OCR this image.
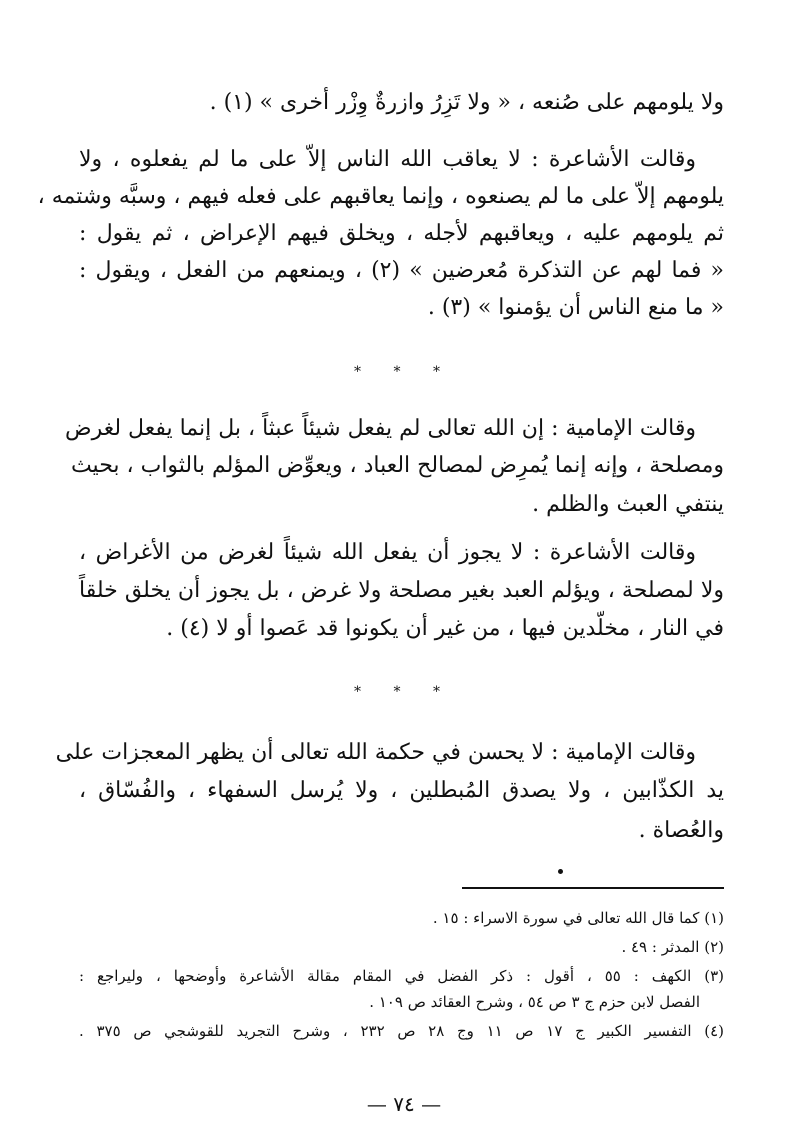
ولا يلومهم على صُنعه ، « ولا تَزِرُ وازرةٌ وِزْر أخرى » (١) .
وقالت الأشاعرة : لا يعاقب الله الناس إلاّ على ما لم يفعلوه ، ولا
يلومهم إلاّ على ما لم يصنعوه ، وإنما يعاقبهم على فعله فيهم ، وسبَّه وشتمه ،
ثم يلومهم عليه ، ويعاقبهم لأجله ، ويخلق فيهم الإعراض ، ثم يقول :
« فما لهم عن التذكرة مُعرضين » (٢) ، ويمنعهم من الفعل ، ويقول :
« ما منع الناس أن يؤمنوا » (٣) .
* * *
وقالت الإمامية : إن الله تعالى لم يفعل شيئاً عبثاً ، بل إنما يفعل لغرض
ومصلحة ، وإنه إنما يُمرِض لمصالح العباد ، ويعوِّض المؤلم بالثواب ، بحيث
ينتفي العبث والظلم .
وقالت الأشاعرة : لا يجوز أن يفعل الله شيئاً لغرض من الأغراض ،
ولا لمصلحة ، ويؤلم العبد بغير مصلحة ولا غرض ، بل يجوز أن يخلق خلقاً
في النار ، مخلّدين فيها ، من غير أن يكونوا قد عَصوا أو لا (٤) .
* * *
وقالت الإمامية : لا يحسن في حكمة الله تعالى أن يظهر المعجزات على
يد الكذّابين ، ولا يصدق المُبطلين ، ولا يُرسل السفهاء ، والفُسّاق ،
والعُصاة .
(١) كما قال الله تعالى في سورة الاسراء : ١٥ .
(٢) المدثر : ٤٩ .
(٣) الكهف : ٥٥ ، أقول : ذكر الفضل في المقام مقالة الأشاعرة وأوضحها ، وليراجع :
الفصل لابن حزم ج ٣ ص ٥٤ ، وشرح العقائد ص ١٠٩ .
(٤) التفسير الكبير ج ١٧ ص ١١ وج ٢٨ ص ٢٣٢ ، وشرح التجريد للقوشجي ص ٣٧٥ .
— ٧٤ —
